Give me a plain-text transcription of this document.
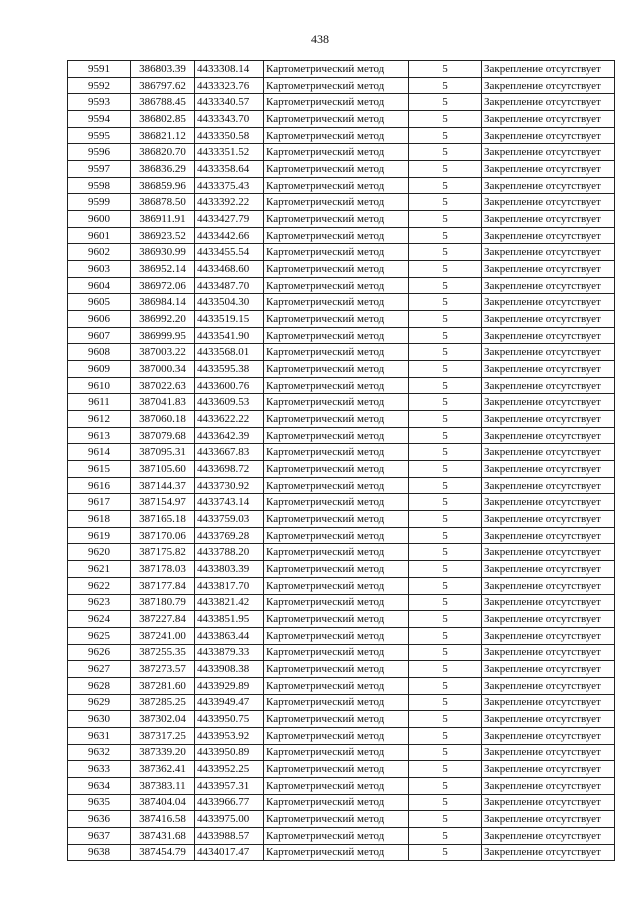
438
9591	386803.39	4433308.14	Картометрический метод	5	Закрепление отсутствует
9592	386797.62	4433323.76	Картометрический метод	5	Закрепление отсутствует
9593	386788.45	4433340.57	Картометрический метод	5	Закрепление отсутствует
9594	386802.85	4433343.70	Картометрический метод	5	Закрепление отсутствует
9595	386821.12	4433350.58	Картометрический метод	5	Закрепление отсутствует
9596	386820.70	4433351.52	Картометрический метод	5	Закрепление отсутствует
9597	386836.29	4433358.64	Картометрический метод	5	Закрепление отсутствует
9598	386859.96	4433375.43	Картометрический метод	5	Закрепление отсутствует
9599	386878.50	4433392.22	Картометрический метод	5	Закрепление отсутствует
9600	386911.91	4433427.79	Картометрический метод	5	Закрепление отсутствует
9601	386923.52	4433442.66	Картометрический метод	5	Закрепление отсутствует
9602	386930.99	4433455.54	Картометрический метод	5	Закрепление отсутствует
9603	386952.14	4433468.60	Картометрический метод	5	Закрепление отсутствует
9604	386972.06	4433487.70	Картометрический метод	5	Закрепление отсутствует
9605	386984.14	4433504.30	Картометрический метод	5	Закрепление отсутствует
9606	386992.20	4433519.15	Картометрический метод	5	Закрепление отсутствует
9607	386999.95	4433541.90	Картометрический метод	5	Закрепление отсутствует
9608	387003.22	4433568.01	Картометрический метод	5	Закрепление отсутствует
9609	387000.34	4433595.38	Картометрический метод	5	Закрепление отсутствует
9610	387022.63	4433600.76	Картометрический метод	5	Закрепление отсутствует
9611	387041.83	4433609.53	Картометрический метод	5	Закрепление отсутствует
9612	387060.18	4433622.22	Картометрический метод	5	Закрепление отсутствует
9613	387079.68	4433642.39	Картометрический метод	5	Закрепление отсутствует
9614	387095.31	4433667.83	Картометрический метод	5	Закрепление отсутствует
9615	387105.60	4433698.72	Картометрический метод	5	Закрепление отсутствует
9616	387144.37	4433730.92	Картометрический метод	5	Закрепление отсутствует
9617	387154.97	4433743.14	Картометрический метод	5	Закрепление отсутствует
9618	387165.18	4433759.03	Картометрический метод	5	Закрепление отсутствует
9619	387170.06	4433769.28	Картометрический метод	5	Закрепление отсутствует
9620	387175.82	4433788.20	Картометрический метод	5	Закрепление отсутствует
9621	387178.03	4433803.39	Картометрический метод	5	Закрепление отсутствует
9622	387177.84	4433817.70	Картометрический метод	5	Закрепление отсутствует
9623	387180.79	4433821.42	Картометрический метод	5	Закрепление отсутствует
9624	387227.84	4433851.95	Картометрический метод	5	Закрепление отсутствует
9625	387241.00	4433863.44	Картометрический метод	5	Закрепление отсутствует
9626	387255.35	4433879.33	Картометрический метод	5	Закрепление отсутствует
9627	387273.57	4433908.38	Картометрический метод	5	Закрепление отсутствует
9628	387281.60	4433929.89	Картометрический метод	5	Закрепление отсутствует
9629	387285.25	4433949.47	Картометрический метод	5	Закрепление отсутствует
9630	387302.04	4433950.75	Картометрический метод	5	Закрепление отсутствует
9631	387317.25	4433953.92	Картометрический метод	5	Закрепление отсутствует
9632	387339.20	4433950.89	Картометрический метод	5	Закрепление отсутствует
9633	387362.41	4433952.25	Картометрический метод	5	Закрепление отсутствует
9634	387383.11	4433957.31	Картометрический метод	5	Закрепление отсутствует
9635	387404.04	4433966.77	Картометрический метод	5	Закрепление отсутствует
9636	387416.58	4433975.00	Картометрический метод	5	Закрепление отсутствует
9637	387431.68	4433988.57	Картометрический метод	5	Закрепление отсутствует
9638	387454.79	4434017.47	Картометрический метод	5	Закрепление отсутствует
